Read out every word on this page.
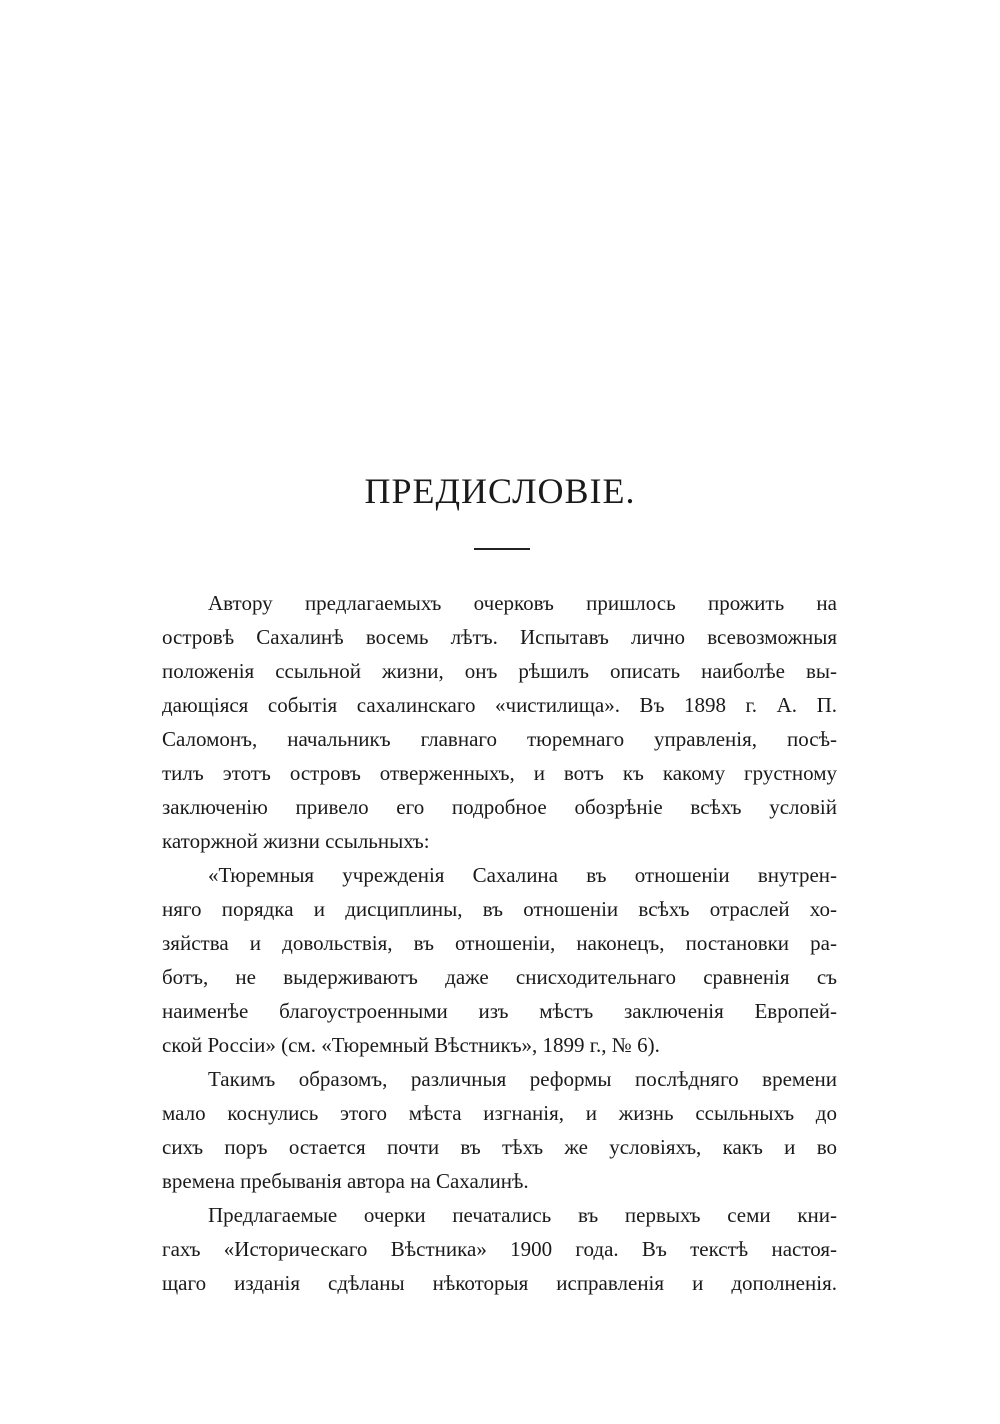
ПРЕДИСЛОВІЕ.
Автору предлагаемыхъ очерковъ пришлось прожить на
островѣ Сахалинѣ восемь лѣтъ. Испытавъ лично всевозможныя
положенія ссыльной жизни, онъ рѣшилъ описать наиболѣе вы-
дающіяся событія сахалинскаго «чистилища». Въ 1898 г. А. П.
Саломонъ, начальникъ главнаго тюремнаго управленія, посѣ-
тилъ этотъ островъ отверженныхъ, и вотъ къ какому грустному
заключенію привело его подробное обозрѣніе всѣхъ условій
каторжной жизни ссыльныхъ:
«Тюремныя учрежденія Сахалина въ отношеніи внутрен-
няго порядка и дисциплины, въ отношеніи всѣхъ отраслей хо-
зяйства и довольствія, въ отношеніи, наконецъ, постановки ра-
ботъ, не выдерживаютъ даже снисходительнаго сравненія съ
наименѣе благоустроенными изъ мѣстъ заключенія Европей-
ской Россіи» (см. «Тюремный Вѣстникъ», 1899 г., № 6).
Такимъ образомъ, различныя реформы послѣдняго времени
мало коснулись этого мѣста изгнанія, и жизнь ссыльныхъ до
сихъ поръ остается почти въ тѣхъ же условіяхъ, какъ и во
времена пребыванія автора на Сахалинѣ.
Предлагаемые очерки печатались въ первыхъ семи кни-
гахъ «Историческаго Вѣстника» 1900 года. Въ текстѣ настоя-
щаго изданія сдѣланы нѣкоторыя исправленія и дополненія.
